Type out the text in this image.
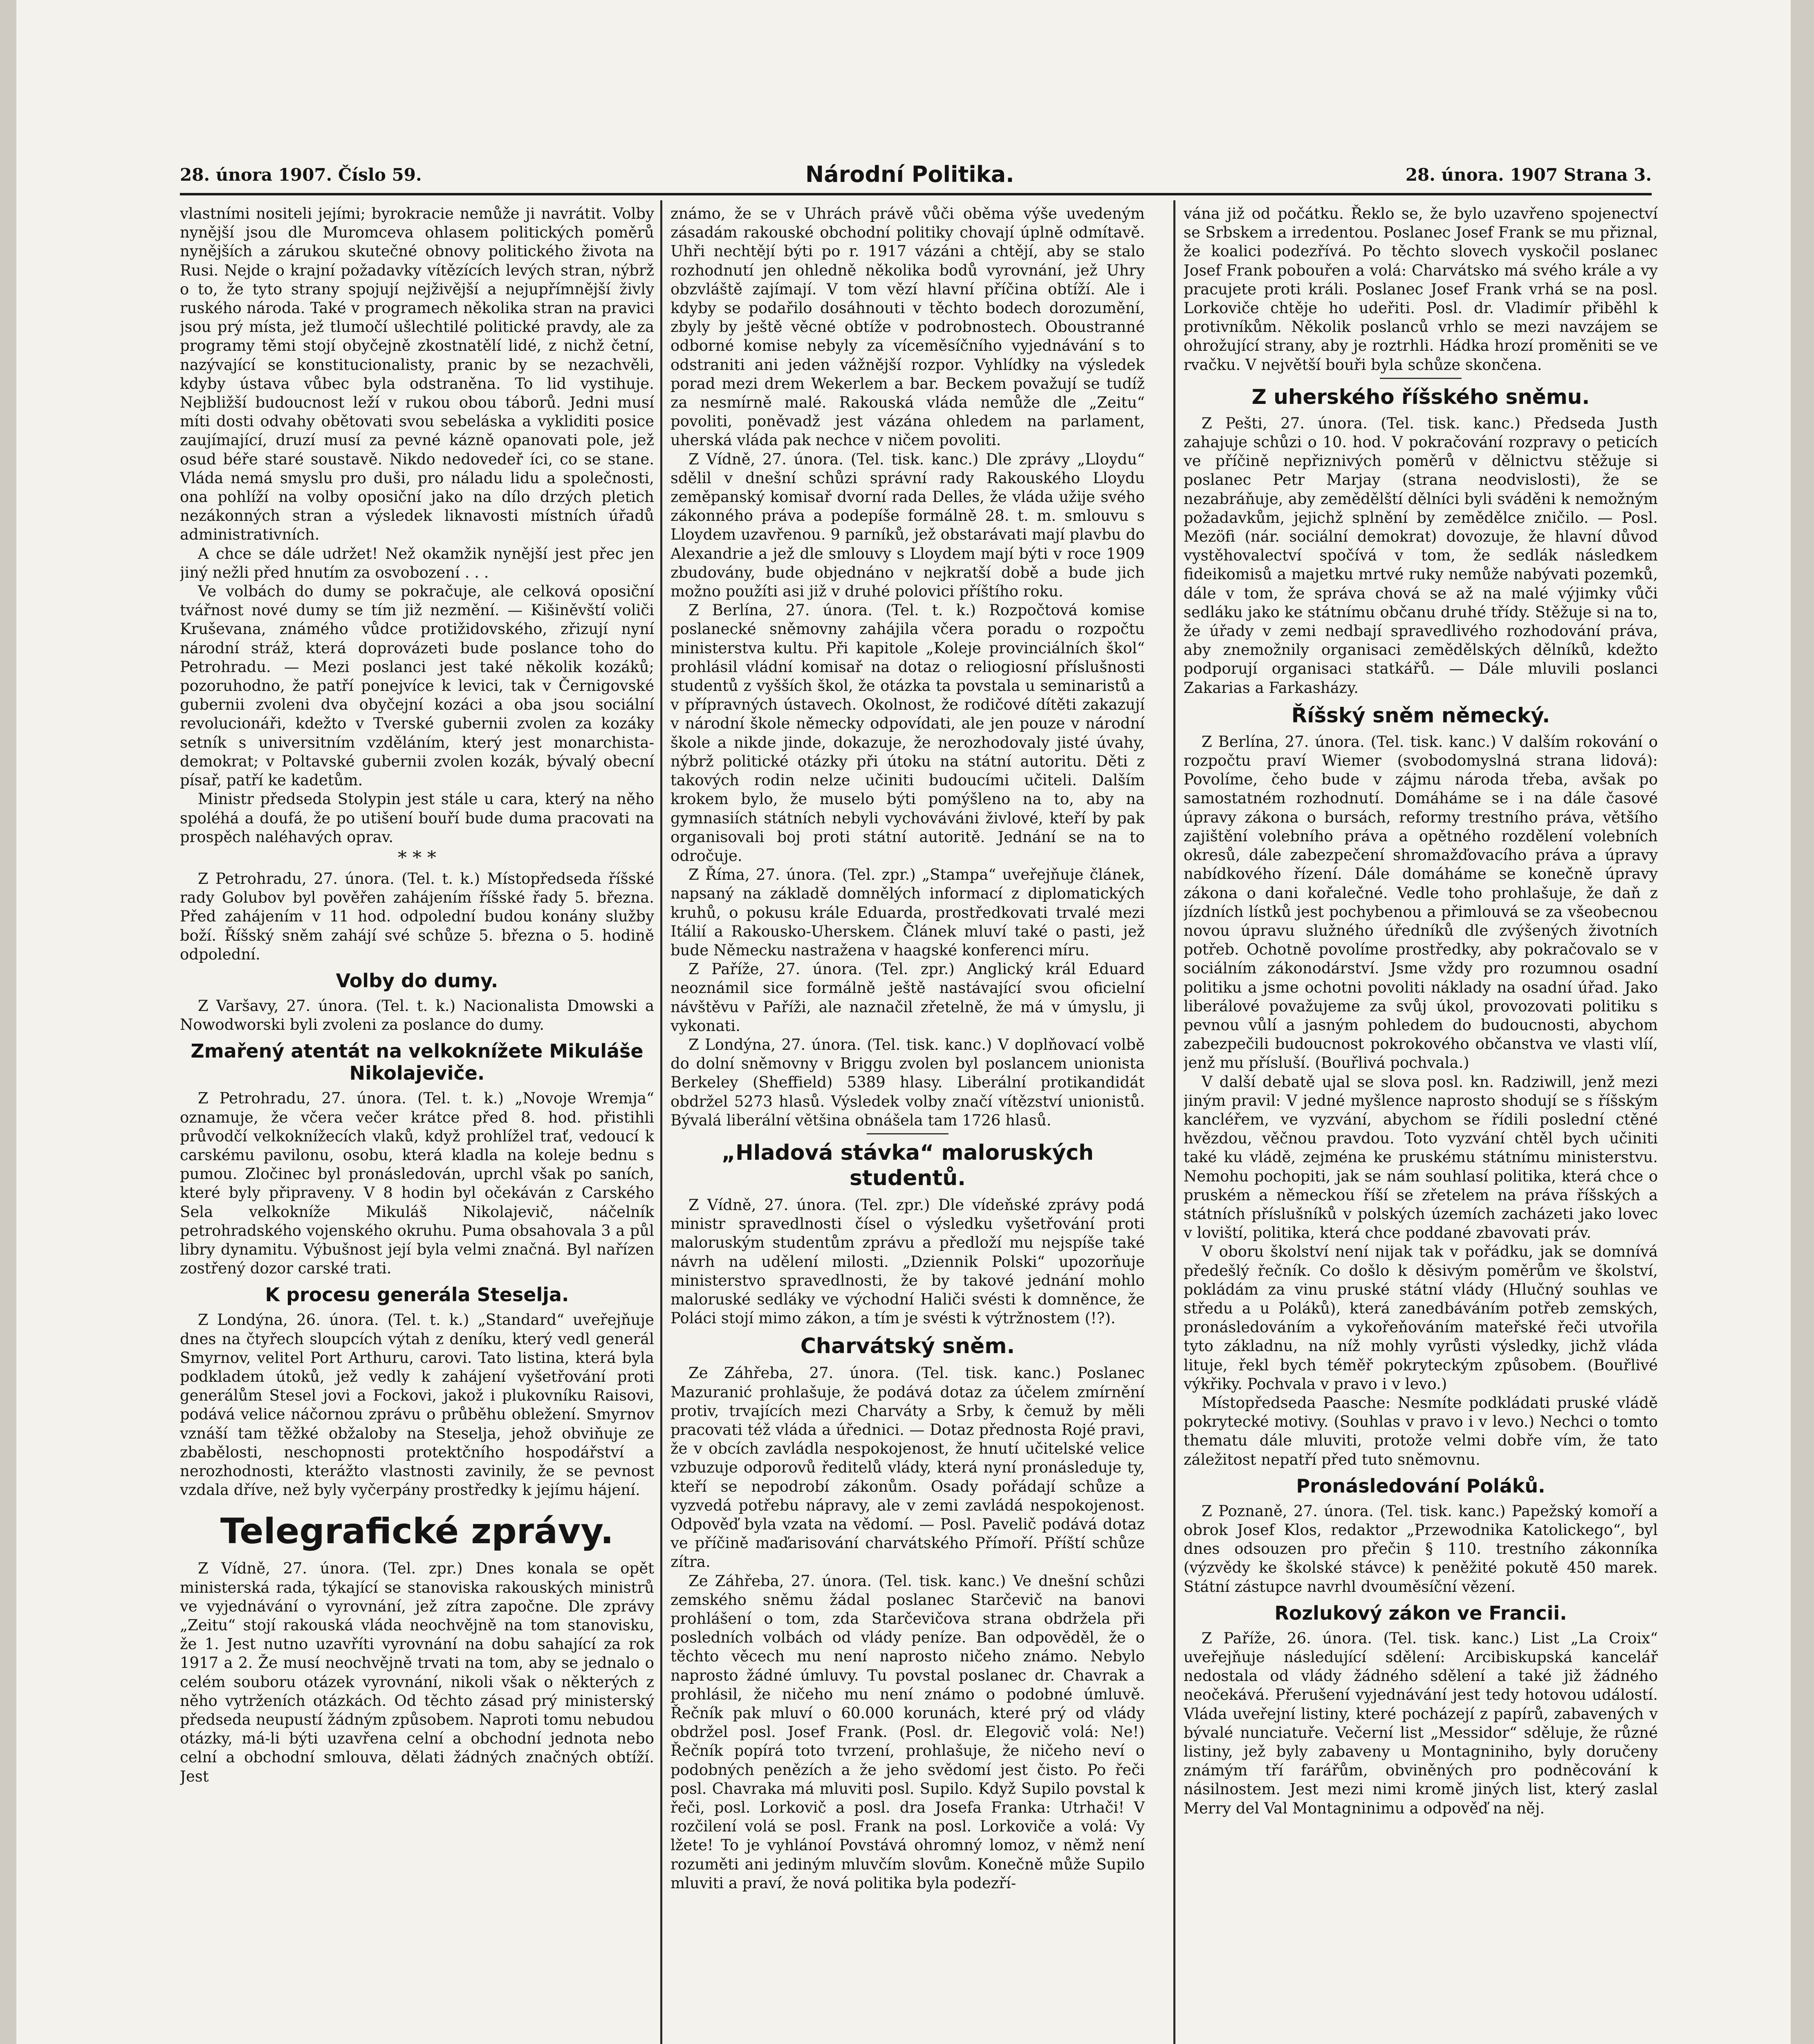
28. února 1907. Číslo 59.	Národní Politika.	28. února. 1907 Strana 3.

vlastními nositeli jejími; byrokracie nemůže ji navrátit. Volby nynější jsou dle Muromceva ohlasem politických poměrů nynějších a zárukou skutečné obnovy politického života na Rusi. Nejde o krajní požadavky vítězících levých stran, nýbrž o to, že tyto strany spojují nejživější a nejupřímnější živly ruského národa. Také v programech několika stran na pravici jsou prý místa, jež tlumočí ušlechtilé politické pravdy, ale za programy těmi stojí obyčejně zkostnatělí lidé, z nichž četní, nazývající se konstitucionalisty, pranic by se nezachvěli, kdyby ústava vůbec byla odstraněna. To lid vystihuje. Nejbližší budoucnost leží v rukou obou táborů. Jedni musí míti dosti odvahy obětovati svou sebeláska a vykliditi posice zaujímající, druzí musí za pevné kázně opanovati pole, jež osud béře staré soustavě. Nikdo nedovedeř íci, co se stane. Vláda nemá smyslu pro duši, pro náladu lidu a společnosti, ona pohlíží na volby oposiční jako na dílo drzých pletich nezákonných stran a výsledek liknavosti místních úřadů administrativních.

A chce se dále udržet! Než okamžik nynější jest přec jen jiný nežli před hnutím za osvobození . . .

Ve volbách do dumy se pokračuje, ale celková oposiční tvářnost nové dumy se tím již nezmění. — Kišiněvští voliči Kruševana, známého vůdce protižidovského, zřizují nyní národní stráž, která doprovázeti bude poslance toho do Petrohradu. — Mezi poslanci jest také několik kozáků; pozoruhodno, že patří ponejvíce k levici, tak v Černigovské gubernii zvoleni dva obyčejní kozáci a oba jsou sociální revolucionáři, kdežto v Tverské gubernii zvolen za kozáky setník s universitním vzděláním, který jest monarchista-demokrat; v Poltavské gubernii zvolen kozák, bývalý obecní písař, patří ke kadetům.

Ministr předseda Stolypin jest stále u cara, který na něho spoléhá a doufá, že po utišení bouří bude duma pracovati na prospěch naléhavých oprav.

* * *

Z Petrohradu, 27. února. (Tel. t. k.) Místopředseda říšské rady Golubov byl pověřen zahájením říšské řady 5. března. Před zahájením v 11 hod. odpolední budou konány služby boží. Říšský sněm zahájí své schůze 5. března o 5. hodině odpolední.

Volby do dumy.

Z Varšavy, 27. února. (Tel. t. k.) Nacionalista Dmowski a Nowodworski byli zvoleni za poslance do dumy.

Zmařený atentát na velkoknížete Mikuláše Nikolajeviče.

Z Petrohradu, 27. února. (Tel. t. k.) „Novoje Wremja“ oznamuje, že včera večer krátce před 8. hod. přistihli průvodčí velkoknížecích vlaků, když prohlížel trať, vedoucí k carskému pavilonu, osobu, která kladla na koleje bednu s pumou. Zločinec byl pronásledován, uprchl však po saních, které byly připraveny. V 8 hodin byl očekáván z Carského Sela velkokníže Mikuláš Nikolajevič, náčelník petrohradského vojenského okruhu. Puma obsahovala 3 a půl libry dynamitu. Výbušnost její byla velmi značná. Byl nařízen zostřený dozor carské trati.

K procesu generála Steselja.

Z Londýna, 26. února. (Tel. t. k.) „Standard“ uveřejňuje dnes na čtyřech sloupcích výtah z deníku, který vedl generál Smyrnov, velitel Port Arthuru, carovi. Tato listina, která byla podkladem útoků, jež vedly k zahájení vyšetřování proti generálům Stesel jovi a Fockovi, jakož i plukovníku Raisovi, podává velice náčornou zprávu o průběhu obležení. Smyrnov vznáší tam těžké obžaloby na Steselja, jehož obviňuje ze zbabělosti, neschopnosti protektčního hospodářství a nerozhodnosti, kterážto vlastnosti zavinily, že se pevnost vzdala dříve, než byly vyčerpány prostředky k jejímu hájení.

Telegrafické zprávy.

Z Vídně, 27. února. (Tel. zpr.) Dnes konala se opět ministerská rada, týkající se stanoviska rakouských ministrů ve vyjednávání o vyrovnání, jež zítra započne. Dle zprávy „Zeitu“ stojí rakouská vláda neochvějně na tom stanovisku, že 1. Jest nutno uzavříti vyrovnání na dobu sahající za rok 1917 a 2. Že musí neochvějně trvati na tom, aby se jednalo o celém souboru otázek vyrovnání, nikoli však o některých z něho vytrženích otázkách. Od těchto zásad prý ministerský předseda neupustí žádným způsobem. Naproti tomu nebudou otázky, má-li býti uzavřena celní a obchodní jednota nebo celní a obchodní smlouva, dělati žádných značných obtíží. Jest

známo, že se v Uhrách právě vůči oběma výše uvedeným zásadám rakouské obchodní politiky chovají úplně odmítavě. Uhři nechtějí býti po r. 1917 vázáni a chtějí, aby se stalo rozhodnutí jen ohledně několika bodů vyrovnání, jež Uhry obzvláště zajímají. V tom vězí hlavní příčina obtíží. Ale i kdyby se podařilo dosáhnouti v těchto bodech dorozumění, zbyly by ještě věcné obtíže v podrobnostech. Oboustranné odborné komise nebyly za víceměsíčního vyjednávání s to odstraniti ani jeden vážnější rozpor. Vyhlídky na výsledek porad mezi drem Wekerlem a bar. Beckem považují se tudíž za nesmírně malé. Rakouská vláda nemůže dle „Zeitu“ povoliti, poněvadž jest vázána ohledem na parlament, uherská vláda pak nechce v ničem povoliti.

Z Vídně, 27. února. (Tel. tisk. kanc.) Dle zprávy „Lloydu“ sdělil v dnešní schůzi správní rady Rakouského Lloydu zeměpanský komisař dvorní rada Delles, že vláda užije svého zákonného práva a podepíše formálně 28. t. m. smlouvu s Lloydem uzavřenou. 9 parníků, jež obstarávati mají plavbu do Alexandrie a jež dle smlouvy s Lloydem mají býti v roce 1909 zbudovány, bude objednáno v nejkratší době a bude jich možno použíti asi již v druhé polovici příštího roku.

Z Berlína, 27. února. (Tel. t. k.) Rozpočtová komise poslanecké sněmovny zahájila včera poradu o rozpočtu ministerstva kultu. Při kapitole „Koleje provinciálních škol“ prohlásil vládní komisař na dotaz o reliogiosní příslušnosti studentů z vyšších škol, že otázka ta povstala u seminaristů a v přípravných ústavech. Okolnost, že rodičové dítěti zakazují v národní škole německy odpovídati, ale jen pouze v národní škole a nikde jinde, dokazuje, že nerozhodovaly jisté úvahy, nýbrž politické otázky při útoku na státní autoritu. Děti z takových rodin nelze učiniti budoucími učiteli. Dalším krokem bylo, že muselo býti pomýšleno na to, aby na gymnasiích státních nebyli vychováváni živlové, kteří by pak organisovali boj proti státní autoritě. Jednání se na to odročuje.

Z Říma, 27. února. (Tel. zpr.) „Stampa“ uveřejňuje článek, napsaný na základě domnělých informací z diplomatických kruhů, o pokusu krále Eduarda, prostředkovati trvalé mezi Itálií a Rakousko-Uherskem. Článek mluví také o pasti, jež bude Německu nastražena v haagské konferenci míru.

Z Paříže, 27. února. (Tel. zpr.) Anglický král Eduard neoznámil sice formálně ještě nastávající svou oficielní návštěvu v Paříži, ale naznačil zřetelně, že má v úmyslu, ji vykonati.

Z Londýna, 27. února. (Tel. tisk. kanc.) V doplňovací volbě do dolní sněmovny v Briggu zvolen byl poslancem unionista Berkeley (Sheffield) 5389 hlasy. Liberální protikandidát obdržel 5273 hlasů. Výsledek volby značí vítězství unionistů. Bývalá liberální většina obnášela tam 1726 hlasů.

„Hladová stávka“ maloruských studentů.

Z Vídně, 27. února. (Tel. zpr.) Dle vídeňské zprávy podá ministr spravedlnosti čísel o výsledku vyšetřování proti maloruským studentům zprávu a předloží mu nejspíše také návrh na udělení milosti. „Dziennik Polski“ upozorňuje ministerstvo spravedlnosti, že by takové jednání mohlo maloruské sedláky ve východní Haliči svésti k domněnce, že Poláci stojí mimo zákon, a tím je svésti k výtržnostem (!?).

Charvátský sněm.

Ze Záhřeba, 27. února. (Tel. tisk. kanc.) Poslanec Mazuranić prohlašuje, že podává dotaz za účelem zmírnění protiv, trvajících mezi Charváty a Srby, k čemuž by měli pracovati též vláda a úřednici. — Dotaz přednosta Rojé pravi, že v obcích zavládla nespokojenost, že hnutí učitelské velice vzbuzuje odporovů ředitelů vlády, která nyní pronásleduje ty, kteří se nepodrobí zákonům. Osady pořádají schůze a vyzvedá potřebu nápravy, ale v zemi zavládá nespokojenost. Odpověď byla vzata na vědomí. — Posl. Pavelič podává dotaz ve příčině maďarisování charvátského Přímoří. Příští schůze zítra.

Ze Záhřeba, 27. února. (Tel. tisk. kanc.) Ve dnešní schůzi zemského sněmu žádal poslanec Starčevič na banovi prohlášení o tom, zda Starčevičova strana obdržela při posledních volbách od vlády peníze. Ban odpověděl, že o těchto věcech mu není naprosto ničeho známo. Nebylo naprosto žádné úmluvy. Tu povstal poslanec dr. Chavrak a prohlásil, že ničeho mu není známo o podobné úmluvě. Řečník pak mluví o 60.000 korunách, které prý od vlády obdržel posl. Josef Frank. (Posl. dr. Elegovič volá: Ne!) Řečník popírá toto tvrzení, prohlašuje, že ničeho neví o podobných penězích a že jeho svědomí jest čisto. Po řeči posl. Chavraka má mluviti posl. Supilo. Když Supilo povstal k řeči, posl. Lorkovič a posl. dra Josefa Franka: Utrhači! V rozčilení volá se posl. Frank na posl. Lorkoviče a volá: Vy lžete! To je vyhlánoí Povstává ohromný lomoz, v němž není rozuměti ani jediným mluvčím slovům. Konečně může Supilo mluviti a praví, že nová politika byla podezří-

vána již od počátku. Řeklo se, že bylo uzavřeno spojenectví se Srbskem a irredentou. Poslanec Josef Frank se mu přiznal, že koalici podezřívá. Po těchto slovech vyskočil poslanec Josef Frank pobouřen a volá: Charvátsko má svého krále a vy pracujete proti králi. Poslanec Josef Frank vrhá se na posl. Lorkoviče chtěje ho udeřiti. Posl. dr. Vladimír přiběhl k protivníkům. Několik poslanců vrhlo se mezi navzájem se ohrožující strany, aby je roztrhli. Hádka hrozí proměniti se ve rvačku. V největší bouři byla schůze skončena.

Z uherského říšského sněmu.

Z Pešti, 27. února. (Tel. tisk. kanc.) Předseda Justh zahajuje schůzi o 10. hod. V pokračování rozpravy o peticích ve příčině nepřiznivých poměrů v dělnictvu stěžuje si poslanec Petr Marjay (strana neodvislosti), že se nezabráňuje, aby zemědělští dělníci byli sváděni k nemožným požadavkům, jejichž splnění by zemědělce zničilo. — Posl. Mezöfi (nár. sociální demokrat) dovozuje, že hlavní důvod vystěhovalectví spočívá v tom, že sedlák následkem fideikomisů a majetku mrtvé ruky nemůže nabývati pozemků, dále v tom, že správa chová se až na malé výjimky vůči sedláku jako ke státnímu občanu druhé třídy. Stěžuje si na to, že úřady v zemi nedbají spravedlivého rozhodování práva, aby znemožnily organisaci zemědělských dělníků, kdežto podporují organisaci statkářů. — Dále mluvili poslanci Zakarias a Farkasházy.

Říšský sněm německý.

Z Berlína, 27. února. (Tel. tisk. kanc.) V dalším rokování o rozpočtu praví Wiemer (svobodomyslná strana lidová): Povolíme, čeho bude v zájmu národa třeba, avšak po samostatném rozhodnutí. Domáháme se i na dále časové úpravy zákona o bursách, reformy trestního práva, většího zajištění volebního práva a opětného rozdělení volebních okresů, dále zabezpečení shromažďovacího práva a úpravy nabídkového řízení. Dále domáháme se konečně úpravy zákona o dani kořalečné. Vedle toho prohlašuje, že daň z jízdních lístků jest pochybenou a přimlouvá se za všeobecnou novou úpravu služného úředníků dle zvýšených životních potřeb. Ochotně povolíme prostředky, aby pokračovalo se v sociálním zákonodárství. Jsme vždy pro rozumnou osadní politiku a jsme ochotni povoliti náklady na osadní úřad. Jako liberálové považujeme za svůj úkol, provozovati politiku s pevnou vůlí a jasným pohledem do budoucnosti, abychom zabezpečili budoucnost pokrokového občanstva ve vlasti vlíí, jenž mu přísluší. (Bouřlivá pochvala.)

V další debatě ujal se slova posl. kn. Radziwill, jenž mezi jiným pravil: V jedné myšlence naprosto shodují se s říšským kancléřem, ve vyzvání, abychom se řídili poslední ctěné hvězdou, věčnou pravdou. Toto vyzvání chtěl bych učiniti také ku vládě, zejména ke pruskému státnímu ministerstvu. Nemohu pochopiti, jak se nám souhlasí politika, která chce o pruském a německou říší se zřetelem na práva říšských a státních příslušníků v polských územích zacházeti jako lovec v loviští, politika, která chce poddané zbavovati práv.

V oboru školství není nijak tak v pořádku, jak se domnívá předešlý řečník. Co došlo k děsivým poměrům ve školství, pokládám za vinu pruské státní vlády (Hlučný souhlas ve středu a u Poláků), která zanedbáváním potřeb zemských, pronásledováním a vykořeňováním mateřské řeči utvořila tyto základnu, na níž mohly vyrůsti výsledky, jichž vláda lituje, řekl bych téměř pokryteckým způsobem. (Bouřlivé výkřiky. Pochvala v pravo i v levo.)

Místopředseda Paasche: Nesmíte podkládati pruské vládě pokrytecké motivy. (Souhlas v pravo i v levo.) Nechci o tomto thematu dále mluviti, protože velmi dobře vím, že tato záležitost nepatří před tuto sněmovnu.

Pronásledování Poláků.

Z Poznaně, 27. února. (Tel. tisk. kanc.) Papežský komoří a obrok Josef Klos, redaktor „Przewodnika Katolickego“, byl dnes odsouzen pro přečin § 110. trestního zákonníka (výzvědy ke školské stávce) k peněžité pokutě 450 marek. Státní zástupce navrhl dvouměsíční vězení.

Rozlukový zákon ve Francii.

Z Paříže, 26. února. (Tel. tisk. kanc.) List „La Croix“ uveřejňuje následující sdělení: Arcibiskupská kancelář nedostala od vlády žádného sdělení a také již žádného neočekává. Přerušení vyjednávání jest tedy hotovou událostí. Vláda uveřejní listiny, které pocházejí z papírů, zabavených v bývalé nunciatuře. Večerní list „Messidor“ sděluje, že různé listiny, jež byly zabaveny u Montagniniho, byly doručeny známým tří farářům, obviněných pro podněcování k násilnostem. Jest mezi nimi kromě jiných list, který zaslal Merry del Val Montagninimu a odpověď na něj.
